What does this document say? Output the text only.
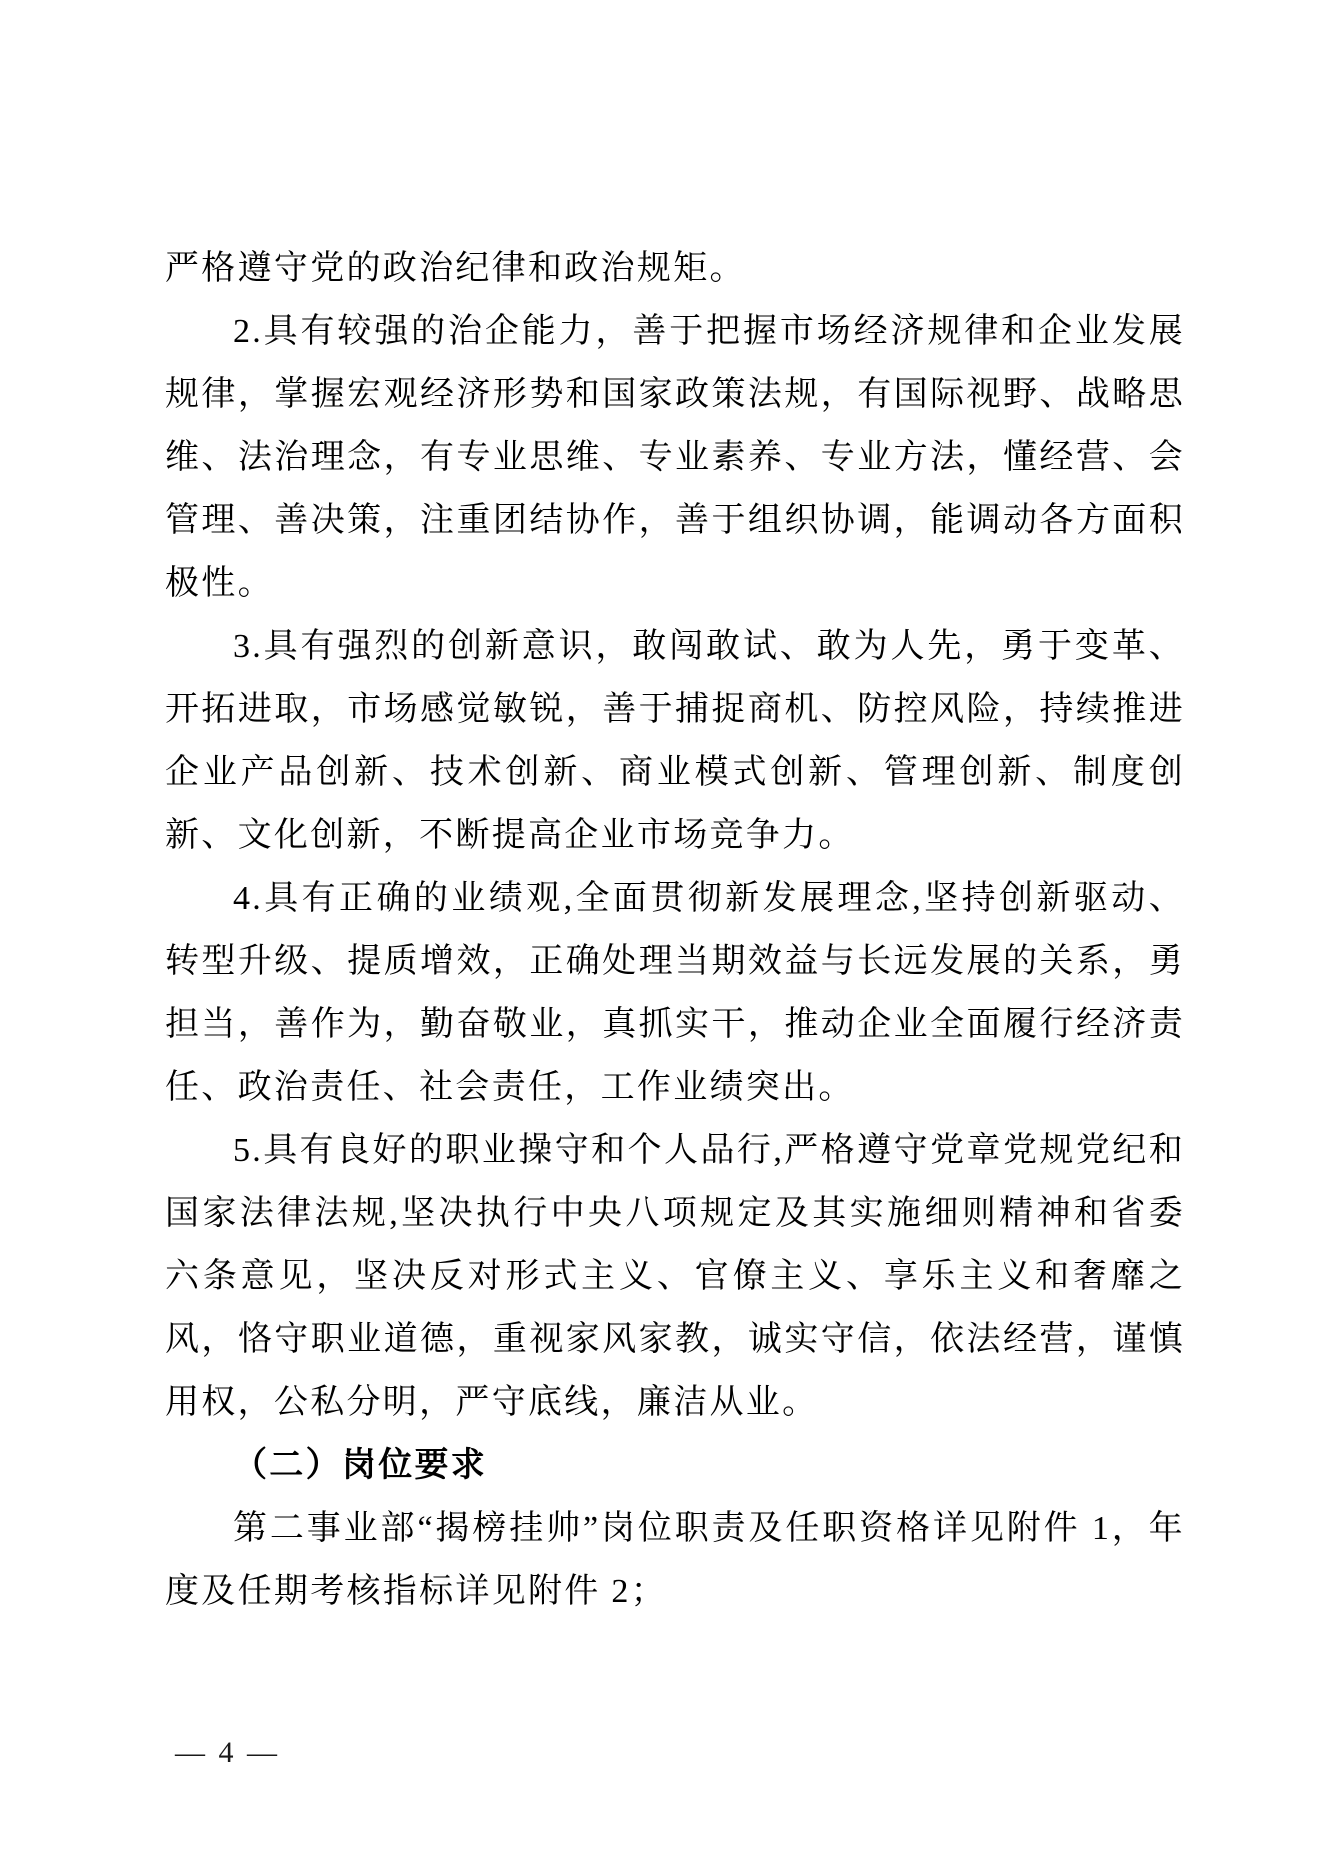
严格遵守党的政治纪律和政治规矩。

2.具有较强的治企能力，善于把握市场经济规律和企业发展规律，掌握宏观经济形势和国家政策法规，有国际视野、战略思维、法治理念，有专业思维、专业素养、专业方法，懂经营、会管理、善决策，注重团结协作，善于组织协调，能调动各方面积极性。

3.具有强烈的创新意识，敢闯敢试、敢为人先，勇于变革、开拓进取，市场感觉敏锐，善于捕捉商机、防控风险，持续推进企业产品创新、技术创新、商业模式创新、管理创新、制度创新、文化创新，不断提高企业市场竞争力。

4.具有正确的业绩观,全面贯彻新发展理念,坚持创新驱动、转型升级、提质增效，正确处理当期效益与长远发展的关系，勇担当，善作为，勤奋敬业，真抓实干，推动企业全面履行经济责任、政治责任、社会责任，工作业绩突出。

5.具有良好的职业操守和个人品行,严格遵守党章党规党纪和国家法律法规,坚决执行中央八项规定及其实施细则精神和省委六条意见，坚决反对形式主义、官僚主义、享乐主义和奢靡之风，恪守职业道德，重视家风家教，诚实守信，依法经营，谨慎用权，公私分明，严守底线，廉洁从业。

（二）岗位要求

第二事业部“揭榜挂帅”岗位职责及任职资格详见附件 1，年度及任期考核指标详见附件 2；

— 4 —
